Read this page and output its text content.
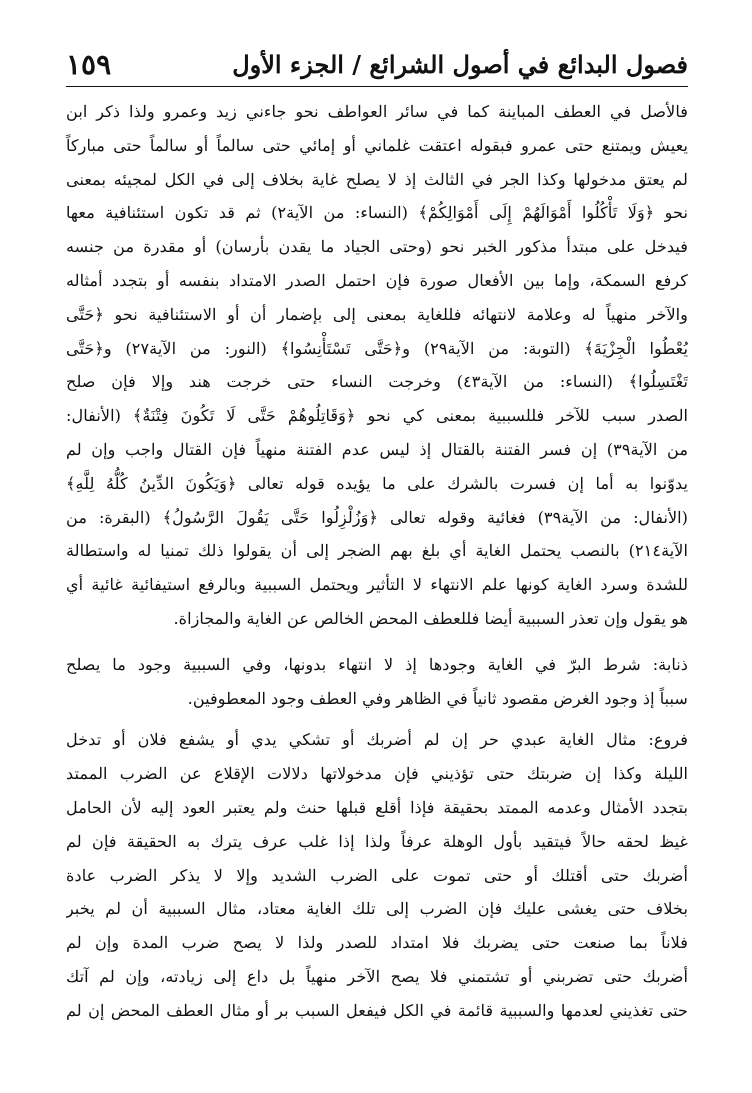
فصول البدائع في أصول الشرائع / الجزء الأول
١٥٩
فالأصل في العطف المباينة كما في سائر العواطف نحو جاءني زيد وعمرو ولذا ذكر ابن
يعيش ويمتنع حتى عمرو فبقوله اعتقت غلماني أو إمائي حتى سالماً أو سالماً حتى مباركاً
لم يعتق مدخولها وكذا الجر في الثالث إذ لا يصلح غاية بخلاف إلى في الكل لمجيئه بمعنى
نحو ﴿وَلَا تَأْكُلُوا أَمْوَالَهُمْ إِلَى أَمْوَالِكُمْ﴾ (النساء: من الآية٢) ثم قد تكون استئنافية معها
فيدخل على مبتدأ مذكور الخبر نحو (وحتى الجياد ما يقدن بأرسان) أو مقدرة من جنسه
كرفع السمكة، وإما بين الأفعال صورة فإن احتمل الصدر الامتداد بنفسه أو بتجدد أمثاله
والآخر منهياً له وعلامة لانتهائه فللغاية بمعنى إلى بإضمار أن أو الاستئنافية نحو ﴿حَتَّى
يُعْطُوا الْجِزْيَةَ﴾ (التوبة: من الآية٢٩) و﴿حَتَّى تَسْتَأْنِسُوا﴾ (النور: من الآية٢٧) و﴿حَتَّى
تَغْتَسِلُوا﴾ (النساء: من الآية٤٣) وخرجت النساء حتى خرجت هند وإلا فإن صلح
الصدر سبب للآخر فللسببية بمعنى كي نحو ﴿وَقَاتِلُوهُمْ حَتَّى لَا تَكُونَ فِتْنَةٌ﴾ (الأنفال:
من الآية٣٩) إن فسر الفتنة بالقتال إذ ليس عدم الفتنة منهياً فإن القتال واجب وإن لم
يدوّنوا به أما إن فسرت بالشرك على ما يؤيده قوله تعالى ﴿وَيَكُونَ الدِّينُ كُلُّهُ لِلَّهِ﴾
(الأنفال: من الآية٣٩) فغائية وقوله تعالى ﴿وَزُلْزِلُوا حَتَّى يَقُولَ الرَّسُولُ﴾ (البقرة: من
الآية٢١٤) بالنصب يحتمل الغاية أي بلغ بهم الضجر إلى أن يقولوا ذلك تمنيا له واستطالة
للشدة وسرد الغاية كونها علم الانتهاء لا التأثير ويحتمل السببية وبالرفع استيفائية غائية أي
هو يقول وإن تعذر السببية أيضا فللعطف المحض الخالص عن الغاية والمجازاة.
ذنابة: شرط البرّ في الغاية وجودها إذ لا انتهاء بدونها، وفي السببية وجود ما يصلح
سبباً إذ وجود الغرض مقصود ثانياً في الظاهر وفي العطف وجود المعطوفين.
فروع: مثال الغاية عبدي حر إن لم أضربك أو تشكي يدي أو يشفع فلان أو تدخل
الليلة وكذا إن ضربتك حتى تؤذيني فإن مدخولاتها دلالات الإقلاع عن الضرب الممتد
بتجدد الأمثال وعدمه الممتد بحقيقة فإذا أقلع قبلها حنث ولم يعتبر العود إليه لأن الحامل
غيظ لحقه حالاً فيتقيد بأول الوهلة عرفاً ولذا إذا غلب عرف يترك به الحقيقة فإن لم
أضربك حتى أقتلك أو حتى تموت على الضرب الشديد وإلا لا يذكر الضرب عادة
بخلاف حتى يغشى عليك فإن الضرب إلى تلك الغاية معتاد، مثال السببية أن لم يخبر
فلاناً بما صنعت حتى يضربك فلا امتداد للصدر ولذا لا يصح ضرب المدة وإن لم
أضربك حتى تضربني أو تشتمني فلا يصح الآخر منهياً بل داع إلى زيادته، وإن لم آتك
حتى تغذيني لعدمها والسببية قائمة في الكل فيفعل السبب بر أو مثال العطف المحض إن لم
